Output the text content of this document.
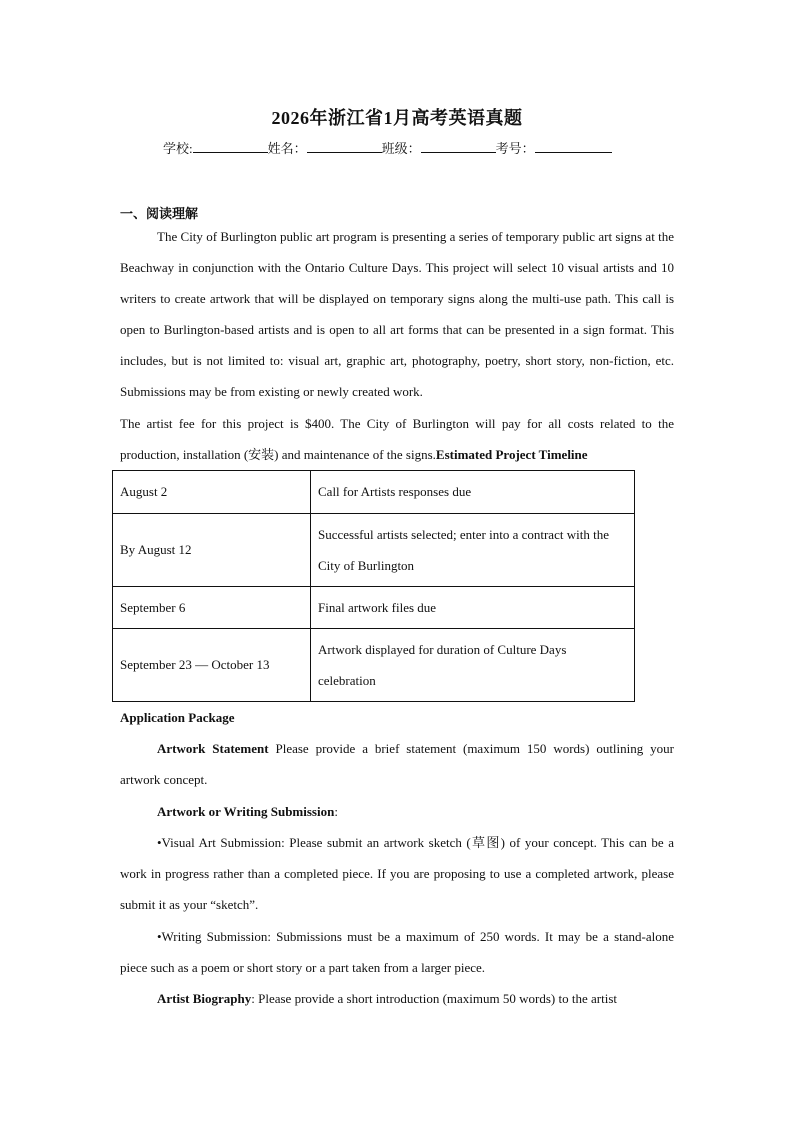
2026年浙江省1月高考英语真题
学校:	姓名：	班级：	考号：
一、阅读理解
The City of Burlington public art program is presenting a series of temporary public art signs at the Beachway in conjunction with the Ontario Culture Days. This project will select 10 visual artists and 10 writers to create artwork that will be displayed on temporary signs along the multi-use path. This call is open to Burlington-based artists and is open to all art forms that can be presented in a sign format. This includes, but is not limited to: visual art, graphic art, photography, poetry, short story, non-fiction, etc. Submissions may be from existing or newly created work.
The artist fee for this project is $400. The City of Burlington will pay for all costs related to the production, installation (安装) and maintenance of the signs.Estimated Project Timeline
August 2	Call for Artists responses due
By August 12	Successful artists selected; enter into a contract with the City of Burlington

September 6	Final artwork files due
September 23 — October 13	Artwork displayed for duration of Culture Days celebration
Application Package
Artwork Statement Please provide a brief statement (maximum 150 words) outlining your artwork concept.
Artwork or Writing Submission:
•Visual Art Submission: Please submit an artwork sketch (草图) of your concept. This can be a work in progress rather than a completed piece. If you are proposing to use a completed artwork, please submit it as your “sketch”.
•Writing Submission: Submissions must be a maximum of 250 words. It may be a stand-alone piece such as a poem or short story or a part taken from a larger piece.
Artist Biography: Please provide a short introduction (maximum 50 words) to the artist
